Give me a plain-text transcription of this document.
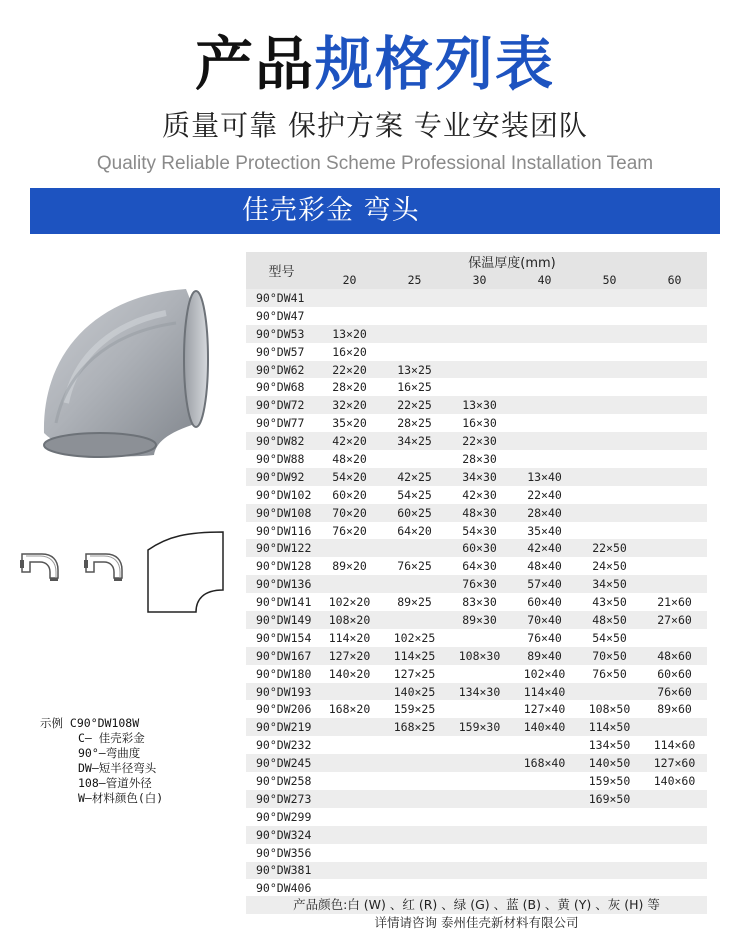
产品规格列表
质量可靠 保护方案 专业安装团队
Quality Reliable Protection Scheme Professional Installation Team
佳壳彩金 弯头
示例 C90°DW108W
C— 佳壳彩金
90°—弯曲度
DW—短半径弯头
108—管道外径
W—材料颜色(白)
型号	保温厚度(mm)					
	20	25	30	40	50	60
90°DW41						
90°DW47						
90°DW53	13×20					
90°DW57	16×20					
90°DW62	22×20	13×25				
90°DW68	28×20	16×25				
90°DW72	32×20	22×25	13×30			
90°DW77	35×20	28×25	16×30			
90°DW82	42×20	34×25	22×30			
90°DW88	48×20		28×30			
90°DW92	54×20	42×25	34×30	13×40		
90°DW102	60×20	54×25	42×30	22×40		
90°DW108	70×20	60×25	48×30	28×40		
90°DW116	76×20	64×20	54×30	35×40		
90°DW122			60×30	42×40	22×50	
90°DW128	89×20	76×25	64×30	48×40	24×50	
90°DW136			76×30	57×40	34×50	
90°DW141	102×20	89×25	83×30	60×40	43×50	21×60
90°DW149	108×20		89×30	70×40	48×50	27×60
90°DW154	114×20	102×25		76×40	54×50	
90°DW167	127×20	114×25	108×30	89×40	70×50	48×60
90°DW180	140×20	127×25		102×40	76×50	60×60
90°DW193		140×25	134×30	114×40		76×60
90°DW206	168×20	159×25		127×40	108×50	89×60
90°DW219		168×25	159×30	140×40	114×50	
90°DW232					134×50	114×60
90°DW245				168×40	140×50	127×60
90°DW258					159×50	140×60
90°DW273					169×50	
90°DW299						
90°DW324						
90°DW356						
90°DW381						
90°DW406						
产品颜色:白 (W) 、红 (R) 、绿 (G) 、蓝 (B) 、黄 (Y) 、灰 (H) 等
详情请咨询 泰州佳壳新材料有限公司
